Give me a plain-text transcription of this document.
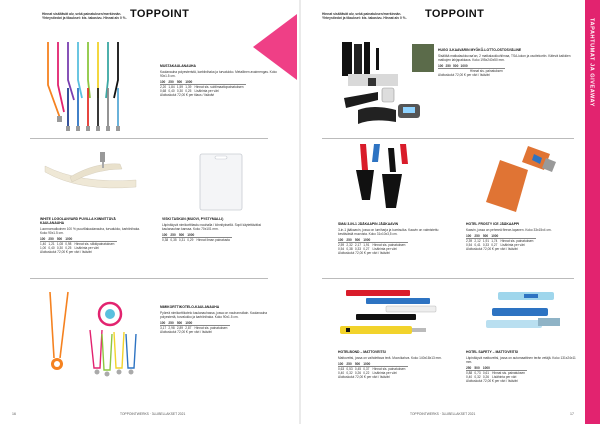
Hinnat sisältävät alv, sekä painatuksen/merkinnän. Yhteystiedot ja tilaukset: kts. takasivu. Hinnat alv 0 %. TOPPOINT
MUSTAKAULANAUHA
Kaulanauha polyesteristä, karbiinihaka ja turvalukko. Metallinen avainrengas. Koko 90x1.5 cm.
100	250	500	1000	
2,20	1,84	1,59	1,39	Hinnat sis. sublimaatiopainatuksen
0,68	0,40	0,30	0,25	Lisähinta per väri
Aloituskulut 72,00 € per tilaus / lisäväri
WHITE LOGOLANYARD PUVILLA KIINNITTÄVÄ KAULANAUHA
Luonnonvalkoinen 100 % puuvillakaulanauha, turvalukko, karbiinihaka. Koko 90x1.5 cm.
100	250	500	1000	
1,40	1,21	1,08	0,98	Hinnat sis. silkkipainatuksen
1,00	0,40	0,30	0,25	Lisähinta per väri
Aloituskulut 72,00 € per väri / lisäväri
VISKI TASKUN (MUOVI, PYSTYMALLI)
Läpinäkyvä nimikorttitasku nauhalla / kiinnityksellä. Sopii käytettäväksi kaulanauhan kanssa. Koko 70x101 mm.
100	250	500	1000	
0,38	0,35	0,31	0,29	Hinnat ilman painatusta
NIMIKORTTIKOTELO-KAULANAUHA
Pyöreä nimikorttikotelo kaulanauhassa, jossa on nauhanrullain. Kaulanauha polyesteriä, turvalukko ja karbiinihaka. Koko 90x1.5 cm.
100	250	500	1000	
3,17	2,98	2,89	2,87	Hinnat sis. painatuksen
Aloituskulut 72,00 € per väri / lisäväri
16	TOPPOINTWERKS · 3LLIBELLAKSET 2021
Hinnat sisältävät alv, sekä painatuksen/merkinnän. Yhteystiedot ja tilaukset: kts. takasivu. Hinnat alv 0 %.	TOPPOINT
TAPAHTUMAT JA GIVEAWAY
HUGO 3-KAAVARIN MYÖKÖ-LOTTO-OSTOSVÄLINE
Sisältää matkalaukkuvaa'an, 2 matkalaukkuhihnaa, TSA-lukon ja osoitekortin. Kätevä kaikkien matkojen lahjapakkaus. Koko 195x240x50 mm.
100	250	500	1000	
				Hinnat sis. painatuksen
Aloituskulut 72,00 € per väri / lisäväri
SMAI 3-IN-1 JÄÄKAAPIN JÄÄKAAVIN
3-in-1 jääkaavin, jossa on lumiharja ja kumisulka. Kaavin on valmistettu kestävästä muovista. Koko 31x10x3,5 cm.
100	250	500	1000	
2,59	2,32	2,17	1,91	Hinnat sis. painatuksen
0,54	0,38	0,33	0,27	Lisähinta per väri
Aloituskulut 72,00 € per väri / lisäväri
HOTEL FROSTY ICE JÄÄKAAPPI
Kaavin, jossa on pehmeä fleece-lapanen. Koko 33x15x4 cm.
100	250	500	1000	
2,39	2,12	1,91	1,74	Hinnat sis. painatuksen
0,54	0,41	0,33	0,27	Lisähinta per väri
Aloituskulut 72,00 € per väri / lisäväri
HOTELBOND – MATTOVEITSI
Mattoveitsi, jossa on vaihdettava terä. Muovikahva. Koko 140x18x13 mm.
100	250	500	1000	
0,63	0,53	0,45	0,37	Hinnat sis. painatuksen
0,40	0,32	0,26	0,22	Lisähinta per väri
Aloituskulut 72,00 € per väri / lisäväri
HOTEL SAFETY – MATTOVEITSI
Läpinäkyvä mattoveitsi, jossa on automaattinen terän vetäjä. Koko 131x24x11 mm.
250	500	1000	
0,88	0,73	0,61	Hinnat sis. painatuksen
0,40	0,32	0,26	Lisähinta per väri
Aloituskulut 72,00 € per väri / lisäväri
TOPPOINTWERKS · 3LLIBELLAKSET 2021	17
